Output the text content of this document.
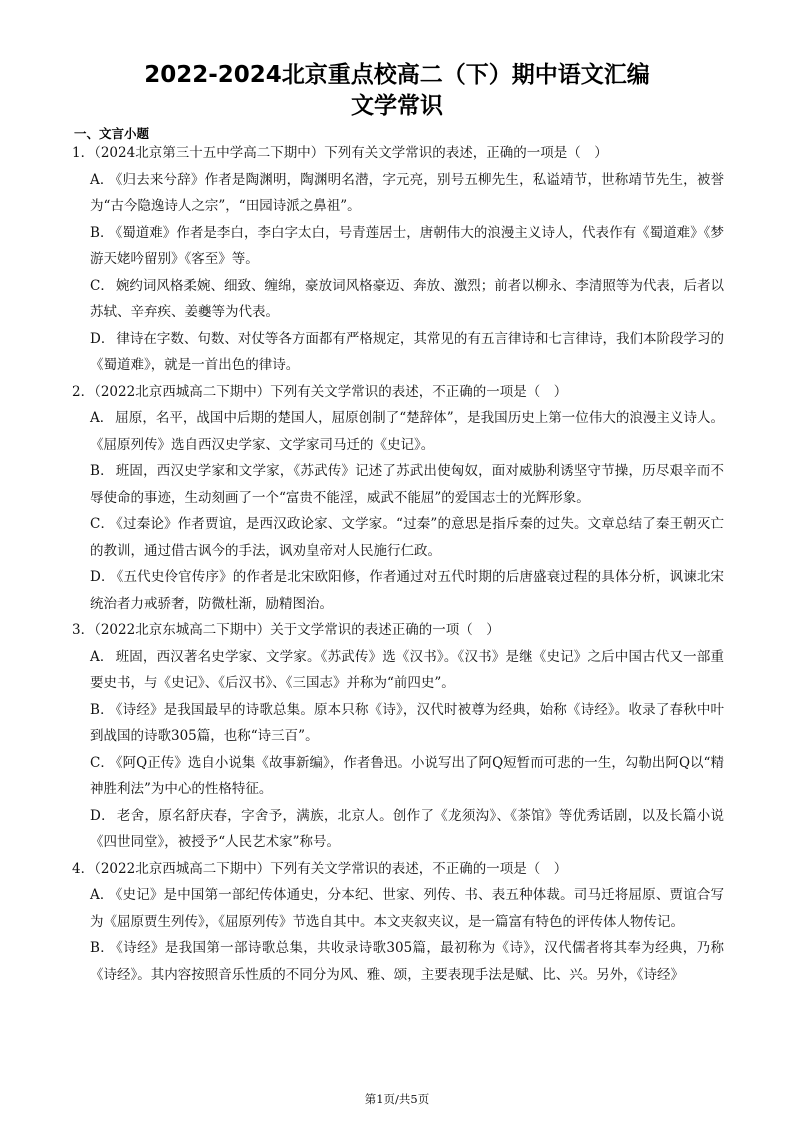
2022-2024北京重点校高二（下）期中语文汇编
文学常识
一、文言小题

1．（2024北京第三十五中学高二下期中）下列有关文学常识的表述，正确的一项是（　）

A． 《归去来兮辞》作者是陶渊明，陶渊明名潜，字元亮，别号五柳先生，私谥靖节，世称靖节先生，被誉为“古今隐逸诗人之宗”，“田园诗派之鼻祖”。

B． 《蜀道难》作者是李白，李白字太白，号青莲居士，唐朝伟大的浪漫主义诗人，代表作有《蜀道难》《梦游天姥吟留别》《客至》等。

C． 婉约词风格柔婉、细致、缠绵，豪放词风格豪迈、奔放、激烈；前者以柳永、李清照等为代表，后者以苏轼、辛弃疾、姜夔等为代表。

D． 律诗在字数、句数、对仗等各方面都有严格规定，其常见的有五言律诗和七言律诗，我们本阶段学习的《蜀道难》，就是一首出色的律诗。

2．（2022北京西城高二下期中）下列有关文学常识的表述，不正确的一项是（　）

A． 屈原，名平，战国中后期的楚国人，屈原创制了“楚辞体”，是我国历史上第一位伟大的浪漫主义诗人。《屈原列传》选自西汉史学家、文学家司马迁的《史记》。

B． 班固，西汉史学家和文学家，《苏武传》记述了苏武出使匈奴，面对威胁利诱坚守节操，历尽艰辛而不辱使命的事迹，生动刻画了一个“富贵不能淫，威武不能屈”的爱国志士的光辉形象。

C． 《过秦论》作者贾谊，是西汉政论家、文学家。“过秦”的意思是指斥秦的过失。文章总结了秦王朝灭亡的教训，通过借古讽今的手法，讽劝皇帝对人民施行仁政。

D． 《五代史伶官传序》的作者是北宋欧阳修，作者通过对五代时期的后唐盛衰过程的具体分析，讽谏北宋统治者力戒骄奢，防微杜渐，励精图治。

3．（2022北京东城高二下期中）关于文学常识的表述正确的一项（　）

A． 班固，西汉著名史学家、文学家。《苏武传》选《汉书》。《汉书》是继《史记》之后中国古代又一部重要史书，与《史记》、《后汉书》、《三国志》并称为“前四史”。

B． 《诗经》是我国最早的诗歌总集。原本只称《诗》，汉代时被尊为经典，始称《诗经》。收录了春秋中叶到战国的诗歌305篇，也称“诗三百”。

C． 《阿Q正传》选自小说集《故事新编》，作者鲁迅。小说写出了阿Q短暂而可悲的一生，勾勒出阿Q以“精神胜利法”为中心的性格特征。

D． 老舍，原名舒庆春，字舍予，满族，北京人。创作了《龙须沟》、《茶馆》等优秀话剧，以及长篇小说《四世同堂》，被授予“人民艺术家”称号。

4．（2022北京西城高二下期中）下列有关文学常识的表述，不正确的一项是（　）

A． 《史记》是中国第一部纪传体通史，分本纪、世家、列传、书、表五种体裁。司马迁将屈原、贾谊合写为《屈原贾生列传》，《屈原列传》节选自其中。本文夹叙夹议，是一篇富有特色的评传体人物传记。

B． 《诗经》是我国第一部诗歌总集，共收录诗歌305篇，最初称为《诗》，汉代儒者将其奉为经典，乃称《诗经》。其内容按照音乐性质的不同分为风、雅、颂，主要表现手法是赋、比、兴。另外，《诗经》

第1页/共5页
